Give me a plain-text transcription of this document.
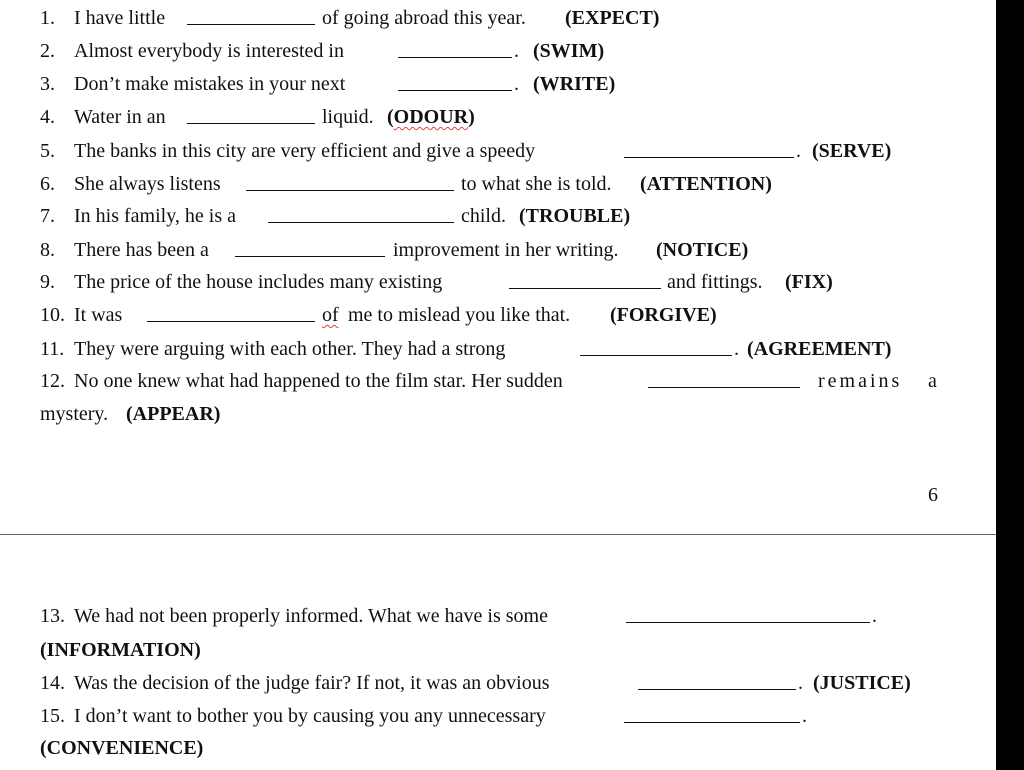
1. I have little	of going abroad this year. (EXPECT)
2. Almost everybody is interested in	. (SWIM)
3. Don’t make mistakes in your next	. (WRITE)
4. Water in an	liquid. (ODOUR)
5. The banks in this city are very efficient and give a speedy	. (SERVE)
6. She always listens	to what she is told. (ATTENTION)
7. In his family, he is a	child. (TROUBLE)
8. There has been a	improvement in her writing. (NOTICE)
9. The price of the house includes many existing	and fittings. (FIX)
10. It was	of me to mislead you like that. (FORGIVE)
11. They were arguing with each other. They had a strong	. (AGREEMENT)
12. No one knew what had happened to the film star. Her sudden	remains a
mystery. (APPEAR)
6
13. We had not been properly informed. What we have is some	.
(INFORMATION)
14. Was the decision of the judge fair? If not, it was an obvious	. (JUSTICE)
15. I don’t want to bother you by causing you any unnecessary	.
(CONVENIENCE)
